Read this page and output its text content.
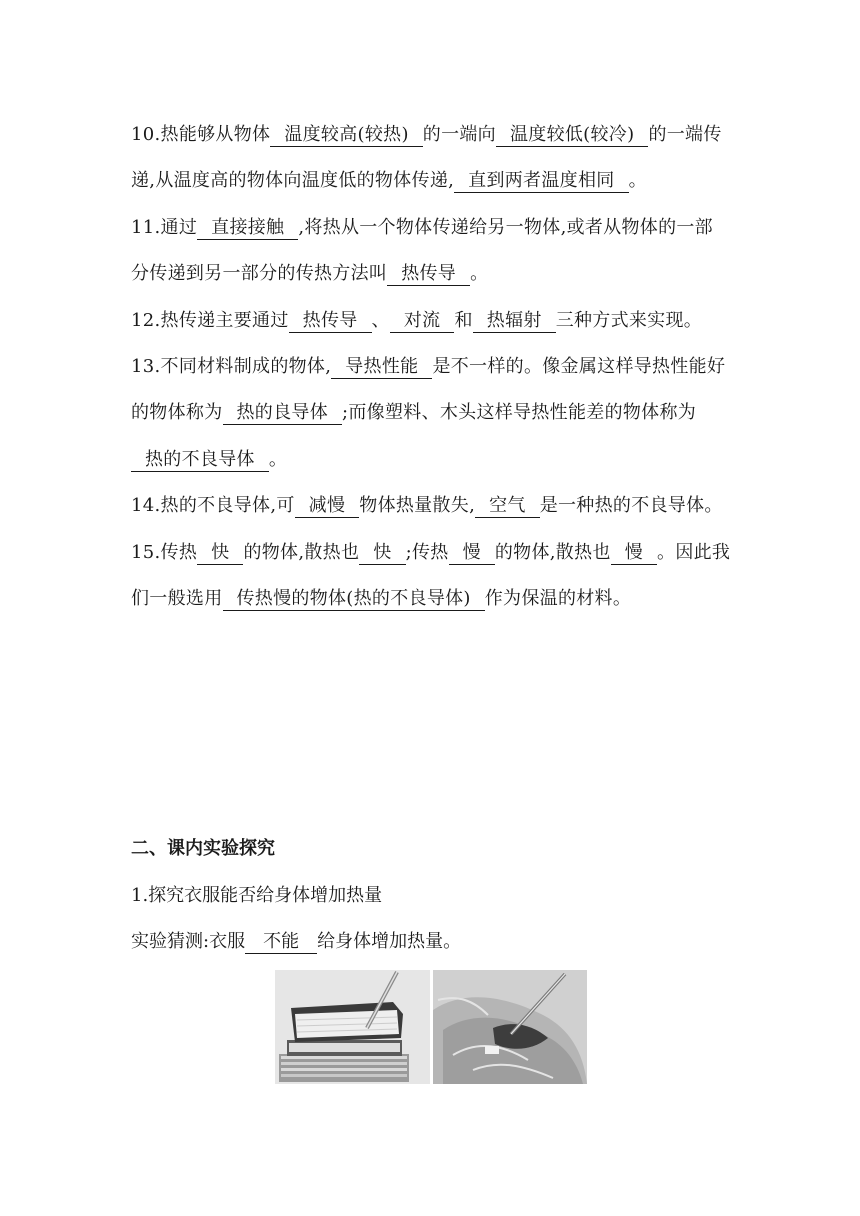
10.热能够从物体 温度较高(较热) 的一端向 温度较低(较冷) 的一端传递,从温度高的物体向温度低的物体传递, 直到两者温度相同 。

11.通过 直接接触 ,将热从一个物体传递给另一物体,或者从物体的一部分传递到另一部分的传热方法叫 热传导 。

12.热传递主要通过 热传导 、 对流 和 热辐射 三种方式来实现。

13.不同材料制成的物体, 导热性能 是不一样的。像金属这样导热性能好的物体称为 热的良导体 ;而像塑料、木头这样导热性能差的物体称为热的不良导体 。

14.热的不良导体,可 减慢 物体热量散失, 空气 是一种热的不良导体。

15.传热 快 的物体,散热也 快 ;传热 慢 的物体,散热也 慢 。因此我们一般选用 传热慢的物体(热的不良导体) 作为保温的材料。

二、课内实验探究

1.探究衣服能否给身体增加热量

实验猜测:衣服 不能 给身体增加热量。
